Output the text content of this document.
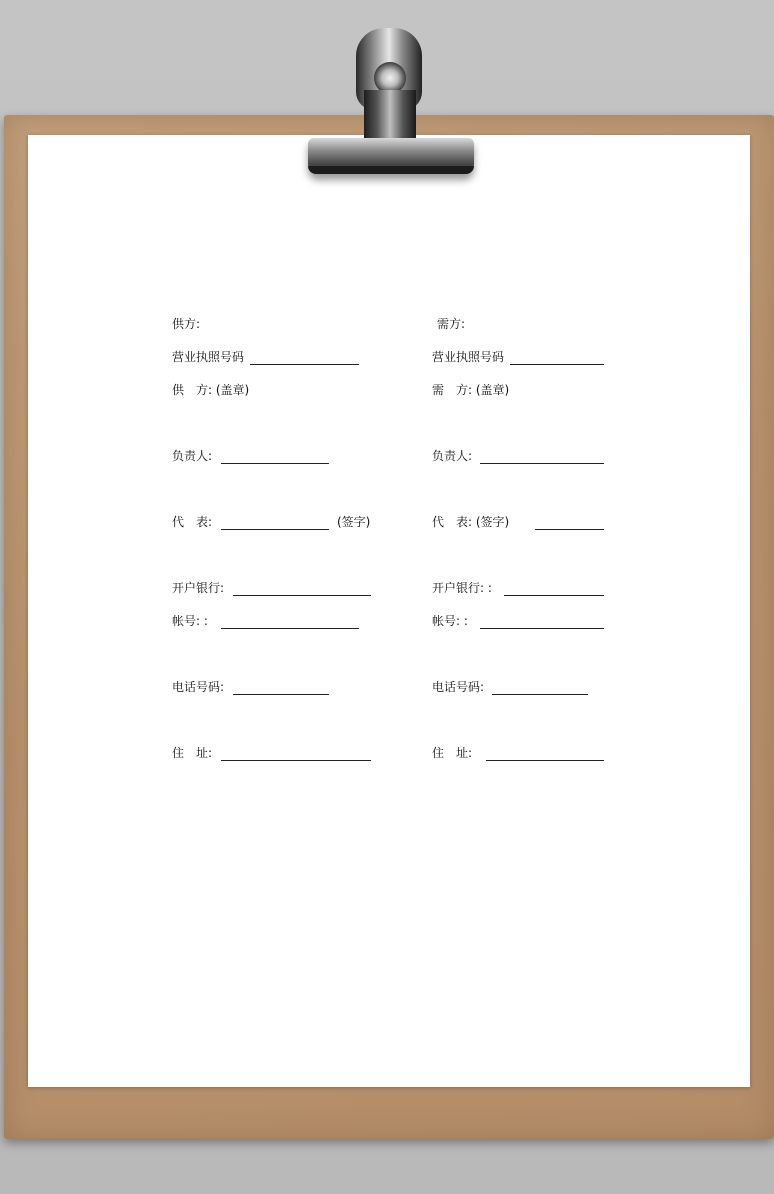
供方:
营业执照号码
供　方: (盖章)
负责人:
代　表:	(签字)
开户银行:
帐号: :
电话号码:
住　址:
需方:
营业执照号码
需　方: (盖章)
负责人:
代　表: (签字)
开户银行: :
帐号: :
电话号码:
住　址:
